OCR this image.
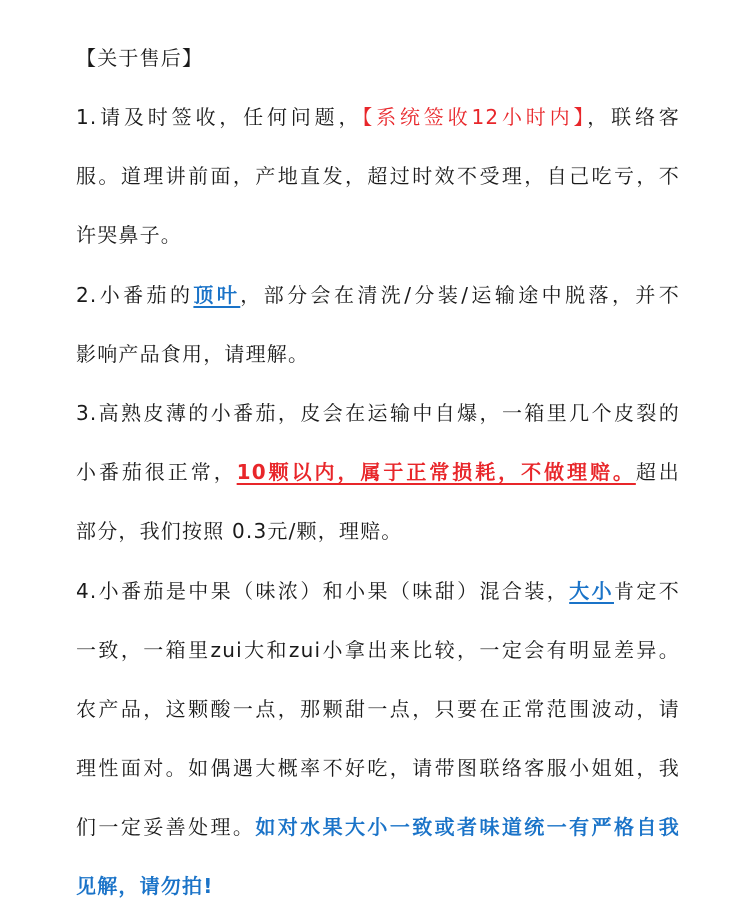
【关于售后】
1.请及时签收，任何问题，【系统签收12小时内】，联络客
服。道理讲前面，产地直发，超过时效不受理，自己吃亏，不
许哭鼻子。
2.小番茄的顶叶，部分会在清洗/分装/运输途中脱落，并不
影响产品食用，请理解。
3.高熟皮薄的小番茄，皮会在运输中自爆，一箱里几个皮裂的
小番茄很正常，10颗以内，属于正常损耗，不做理赔。超出
部分，我们按照 0.3元/颗，理赔。
4.小番茄是中果（味浓）和小果（味甜）混合装，大小肯定不
一致，一箱里zui大和zui小拿出来比较，一定会有明显差异。
农产品，这颗酸一点，那颗甜一点，只要在正常范围波动，请
理性面对。如偶遇大概率不好吃，请带图联络客服小姐姐，我
们一定妥善处理。如对水果大小一致或者味道统一有严格自我
见解，请勿拍!
